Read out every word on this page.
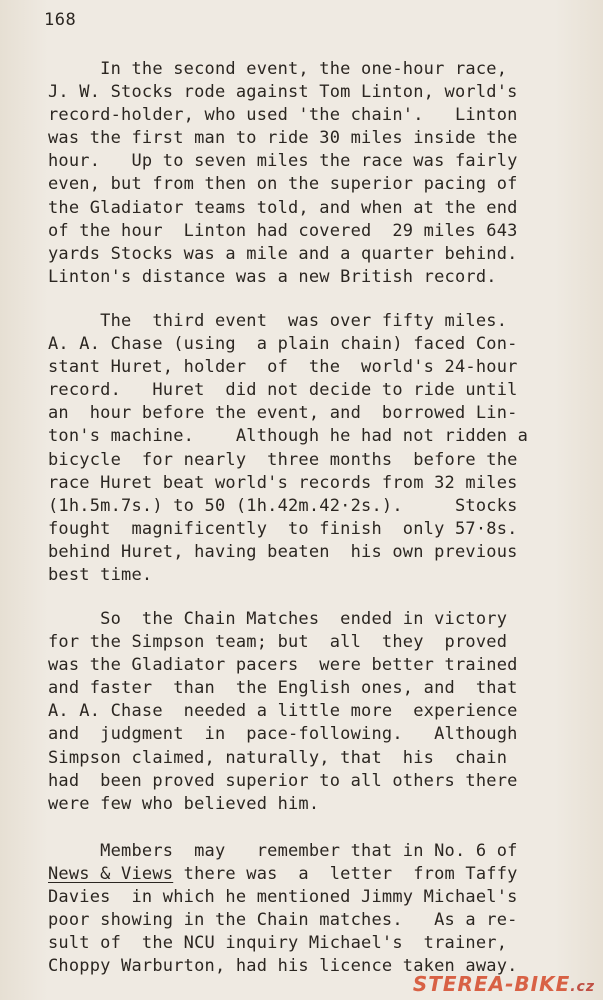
168
In the second event, the one-hour race,
J. W. Stocks rode against Tom Linton, world's
record-holder, who used 'the chain'.   Linton
was the first man to ride 30 miles inside the
hour.   Up to seven miles the race was fairly
even, but from then on the superior pacing of
the Gladiator teams told, and when at the end
of the hour  Linton had covered  29 miles 643
yards Stocks was a mile and a quarter behind.
Linton's distance was a new British record.
The  third event  was over fifty miles.
A. A. Chase (using  a plain chain) faced Con-
stant Huret, holder  of  the  world's 24-hour
record.   Huret  did not decide to ride until
an  hour before the event, and  borrowed Lin-
ton's machine.    Although he had not ridden a
bicycle  for nearly  three months  before the
race Huret beat world's records from 32 miles
(1h.5m.7s.) to 50 (1h.42m.42·2s.).     Stocks
fought  magnificently  to finish  only 57·8s.
behind Huret, having beaten  his own previous
best time.
So  the Chain Matches  ended in victory
for the Simpson team; but  all  they  proved
was the Gladiator pacers  were better trained
and faster  than  the English ones, and  that
A. A. Chase  needed a little more  experience
and  judgment  in  pace-following.   Although
Simpson claimed, naturally, that  his  chain
had  been proved superior to all others there
were few who believed him.
Members  may   remember that in No. 6 of
News & Views there was  a  letter  from Taffy
Davies  in which he mentioned Jimmy Michael's
poor showing in the Chain matches.   As a re-
sult of  the NCU inquiry Michael's  trainer,
Choppy Warburton, had his licence taken away.
STEREA-BIKE.cz
